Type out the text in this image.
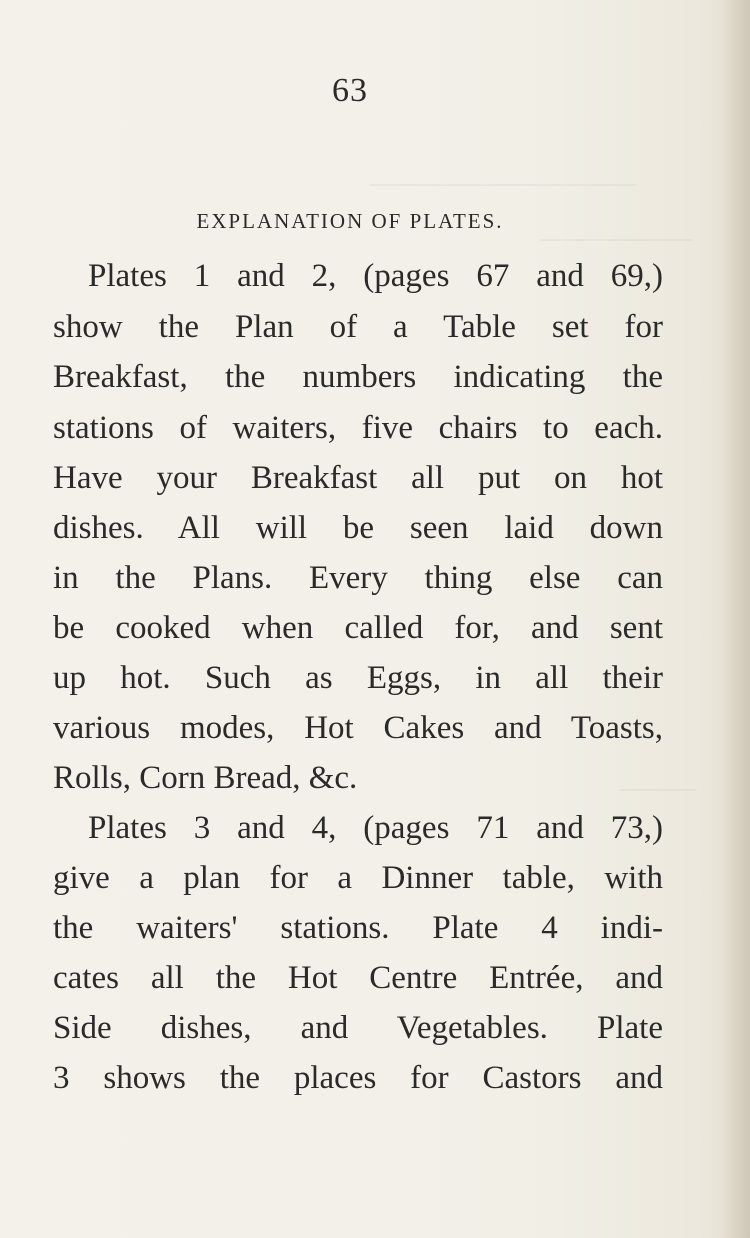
———————
————
——
63
EXPLANATION OF PLATES.
Plates 1 and 2, (pages 67 and 69,)
show the Plan of a Table set for
Breakfast, the numbers indicating the
stations of waiters, five chairs to each.
Have your Breakfast all put on hot
dishes. All will be seen laid down
in the Plans. Every thing else can
be cooked when called for, and sent
up hot. Such as Eggs, in all their
various modes, Hot Cakes and Toasts,
Rolls, Corn Bread, &c.
Plates 3 and 4, (pages 71 and 73,)
give a plan for a Dinner table, with
the waiters' stations. Plate 4 indi-
cates all the Hot Centre Entrée, and
Side dishes, and Vegetables. Plate
3 shows the places for Castors and
